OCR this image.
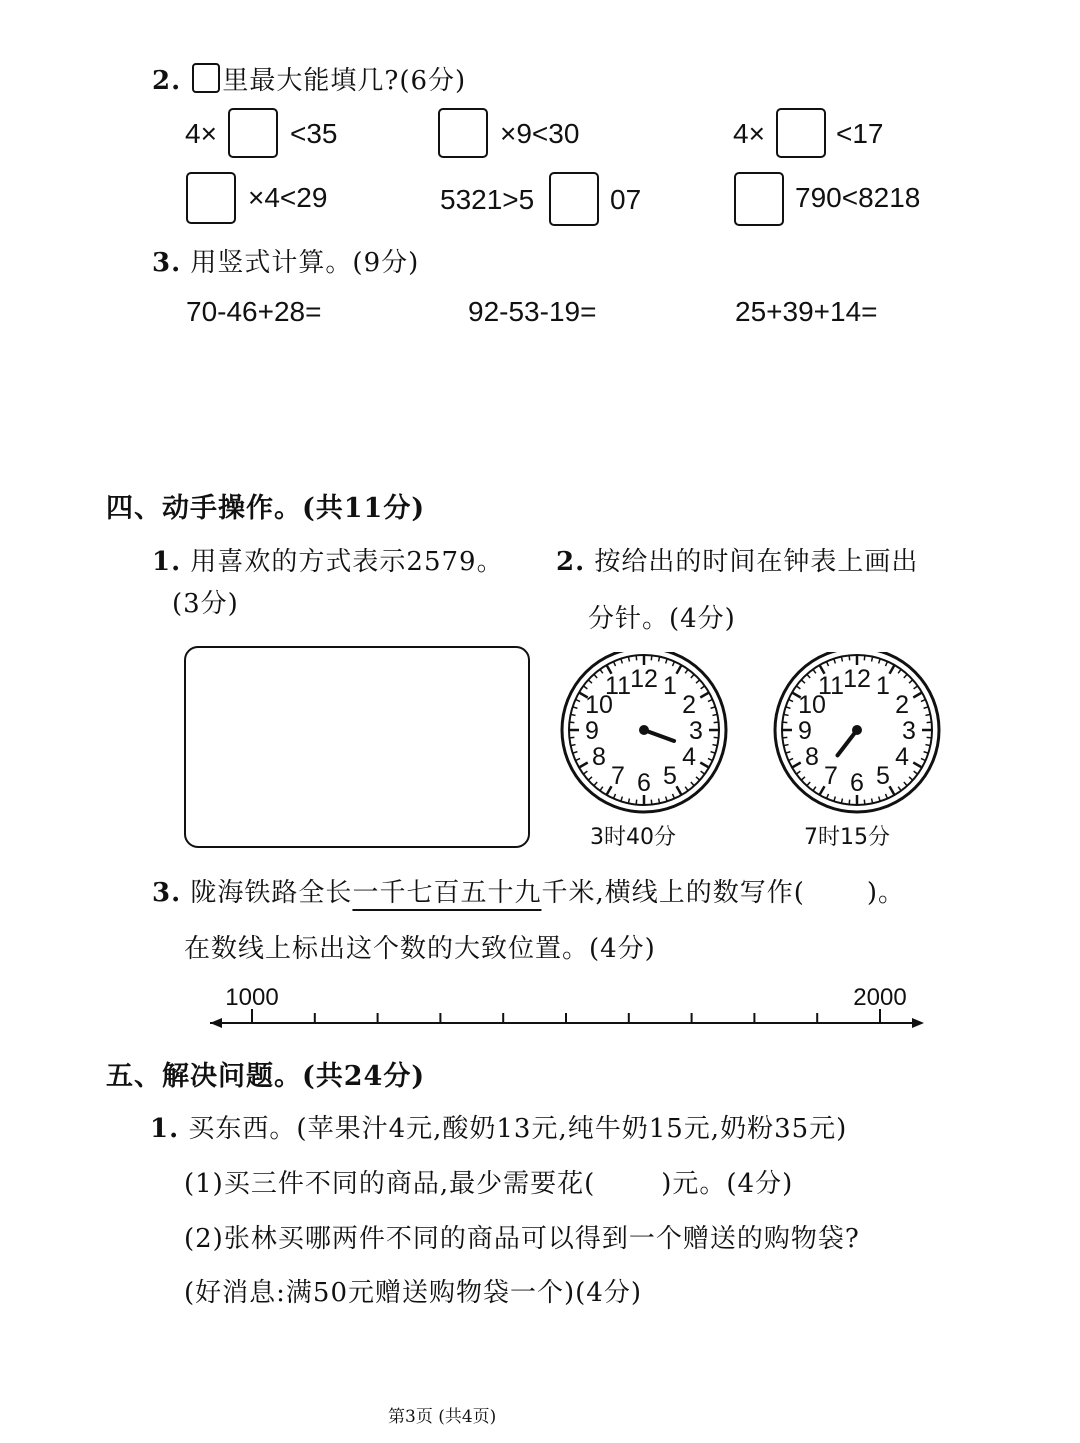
2. 里最大能填几?(6分)
4×	<35	×9<30	4×	<17
×4<29	5321>5	07	790<8218
3. 用竖式计算。(9分)
70-46+28=	92-53-19=	25+39+14=
四、动手操作。(共11分)
1. 用喜欢的方式表示2579。
(3分)
2. 按给出的时间在钟表上画出
分针。(4分)
12 1
2
3
4
5
6
7
8
9
10
11
3时40分
12 1
2
3
4
5
6
7
8
9
10
11
7时15分
3. 陇海铁路全长一千七百五十九千米,横线上的数写作( )。
在数线上标出这个数的大致位置。(4分)
1000	2000
五、解决问题。(共24分)
1. 买东西。(苹果汁4元,酸奶13元,纯牛奶15元,奶粉35元)
(1)买三件不同的商品,最少需要花(	)元。(4分)
(2)张林买哪两件不同的商品可以得到一个赠送的购物袋?
(好消息:满50元赠送购物袋一个)(4分)
第3页 (共4页)
